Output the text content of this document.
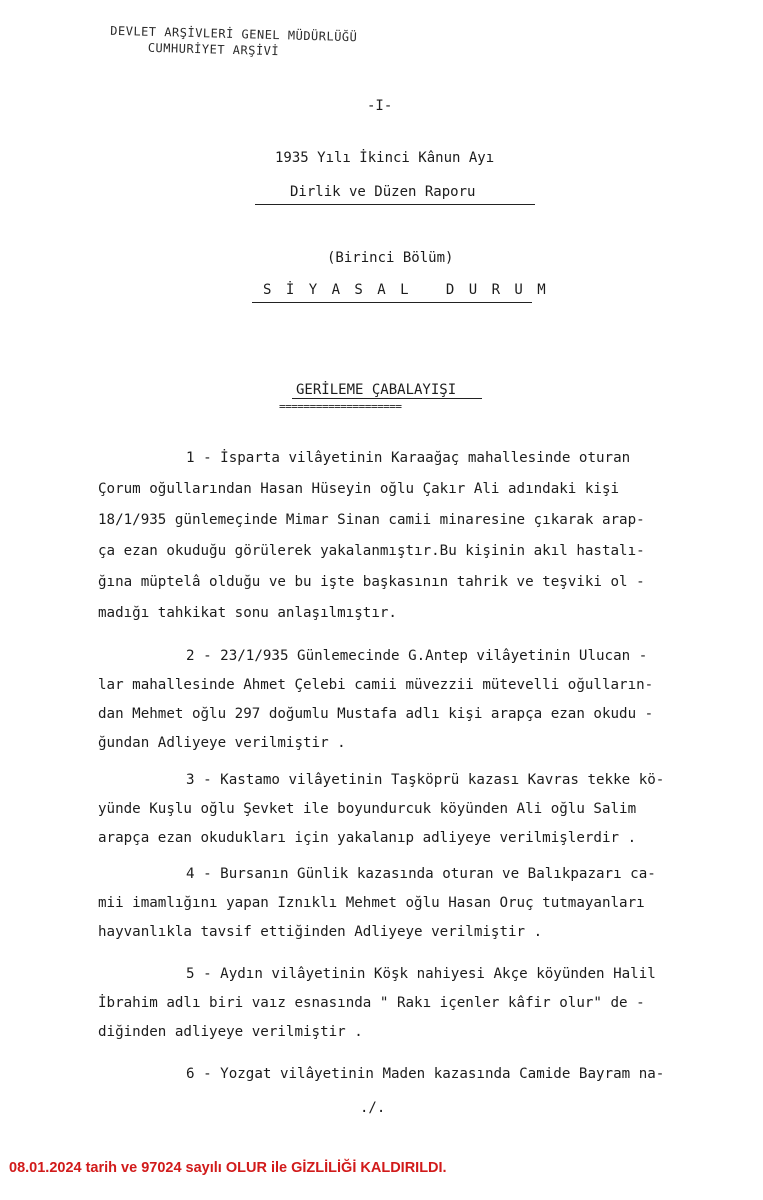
DEVLET ARŞİVLERİ GENEL MÜDÜRLÜĞÜ
CUMHURİYET ARŞİVİ
-I-
1935 Yılı İkinci Kânun Ayı
Dirlik ve Düzen Raporu
(Birinci Bölüm)
S İ Y A S A L   D U R U M
GERİLEME ÇABALAYIŞI
====================
1 - İsparta vilâyetinin Karaağaç mahallesinde oturan
Çorum oğullarından Hasan Hüseyin oğlu Çakır Ali adındaki kişi
18/1/935 günlemeçinde Mimar Sinan camii minaresine çıkarak arap-
ça ezan okuduğu görülerek yakalanmıştır.Bu kişinin akıl hastalı-
ğına müptelâ olduğu ve bu işte başkasının tahrik ve teşviki ol -
madığı tahkikat sonu anlaşılmıştır.
2 - 23/1/935 Günlemecinde G.Antep vilâyetinin Ulucan -
lar mahallesinde Ahmet Çelebi camii müvezzii mütevelli oğulların-
dan Mehmet oğlu 297 doğumlu Mustafa adlı kişi arapça ezan okudu -
ğundan Adliyeye verilmiştir .
3 - Kastamo vilâyetinin Taşköprü kazası Kavras tekke kö-
yünde Kuşlu oğlu Şevket ile boyundurcuk köyünden Ali oğlu Salim
arapça ezan okudukları için yakalanıp adliyeye verilmişlerdir .
4 - Bursanın Günlik kazasında oturan ve Balıkpazarı ca-
mii imamlığını yapan Iznıklı Mehmet oğlu Hasan Oruç tutmayanları
hayvanlıkla tavsif ettiğinden Adliyeye verilmiştir .
5 - Aydın vilâyetinin Köşk nahiyesi Akçe köyünden Halil
İbrahim adlı biri vaız esnasında " Rakı içenler kâfir olur" de -
diğinden adliyeye verilmiştir .
6 - Yozgat vilâyetinin Maden kazasında Camide Bayram na-
./.
08.01.2024 tarih ve 97024 sayılı OLUR ile GİZLİLİĞİ KALDIRILDI.
